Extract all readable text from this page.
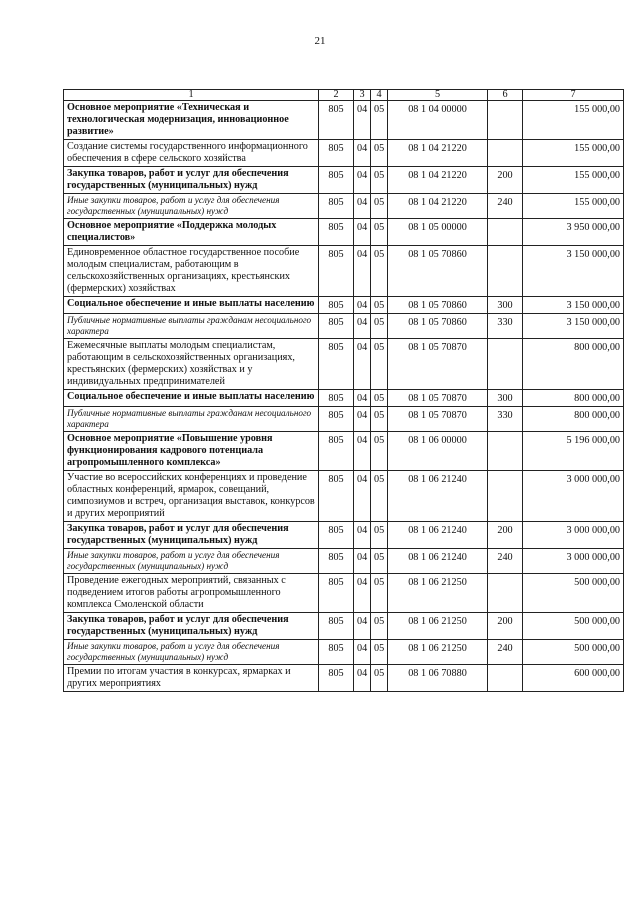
21
1	2	3	4	5	6	7
Основное мероприятие «Техническая и технологическая модернизация, инновационное развитие»	805	04	05	08 1 04 00000		155 000,00
Создание системы государственного информационного обеспечения в сфере сельского хозяйства	805	04	05	08 1 04 21220		155 000,00
Закупка товаров, работ и услуг для обеспечения государственных (муниципальных) нужд	805	04	05	08 1 04 21220	200	155 000,00
Иные закупки товаров, работ и услуг для обеспечения государственных (муниципальных) нужд	805	04	05	08 1 04 21220	240	155 000,00
Основное мероприятие «Поддержка молодых специалистов»	805	04	05	08 1 05 00000		3 950 000,00
Единовременное областное государственное пособие молодым специалистам, работающим в сельскохозяйственных организациях, крестьянских (фермерских) хозяйствах	805	04	05	08 1 05 70860		3 150 000,00
Социальное обеспечение и иные выплаты населению	805	04	05	08 1 05 70860	300	3 150 000,00
Публичные нормативные выплаты гражданам несоциального характера	805	04	05	08 1 05 70860	330	3 150 000,00
Ежемесячные выплаты молодым специалистам, работающим в сельскохозяйственных организациях, крестьянских (фермерских) хозяйствах и у индивидуальных предпринимателей	805	04	05	08 1 05 70870		800 000,00
Социальное обеспечение и иные выплаты населению	805	04	05	08 1 05 70870	300	800 000,00
Публичные нормативные выплаты гражданам несоциального характера	805	04	05	08 1 05 70870	330	800 000,00
Основное мероприятие «Повышение уровня функционирования кадрового потенциала агропромышленного комплекса»	805	04	05	08 1 06 00000		5 196 000,00
Участие во всероссийских конференциях и проведение областных конференций, ярмарок, совещаний, симпозиумов и встреч, организация выставок, конкурсов и других мероприятий	805	04	05	08 1 06 21240		3 000 000,00
Закупка товаров, работ и услуг для обеспечения государственных (муниципальных) нужд	805	04	05	08 1 06 21240	200	3 000 000,00
Иные закупки товаров, работ и услуг для обеспечения государственных (муниципальных) нужд	805	04	05	08 1 06 21240	240	3 000 000,00
Проведение ежегодных мероприятий, связанных с подведением итогов работы агропромышленного комплекса Смоленской области	805	04	05	08 1 06 21250		500 000,00
Закупка товаров, работ и услуг для обеспечения государственных (муниципальных) нужд	805	04	05	08 1 06 21250	200	500 000,00
Иные закупки товаров, работ и услуг для обеспечения государственных (муниципальных) нужд	805	04	05	08 1 06 21250	240	500 000,00
Премии по итогам участия в конкурсах, ярмарках и других мероприятиях	805	04	05	08 1 06 70880		600 000,00
